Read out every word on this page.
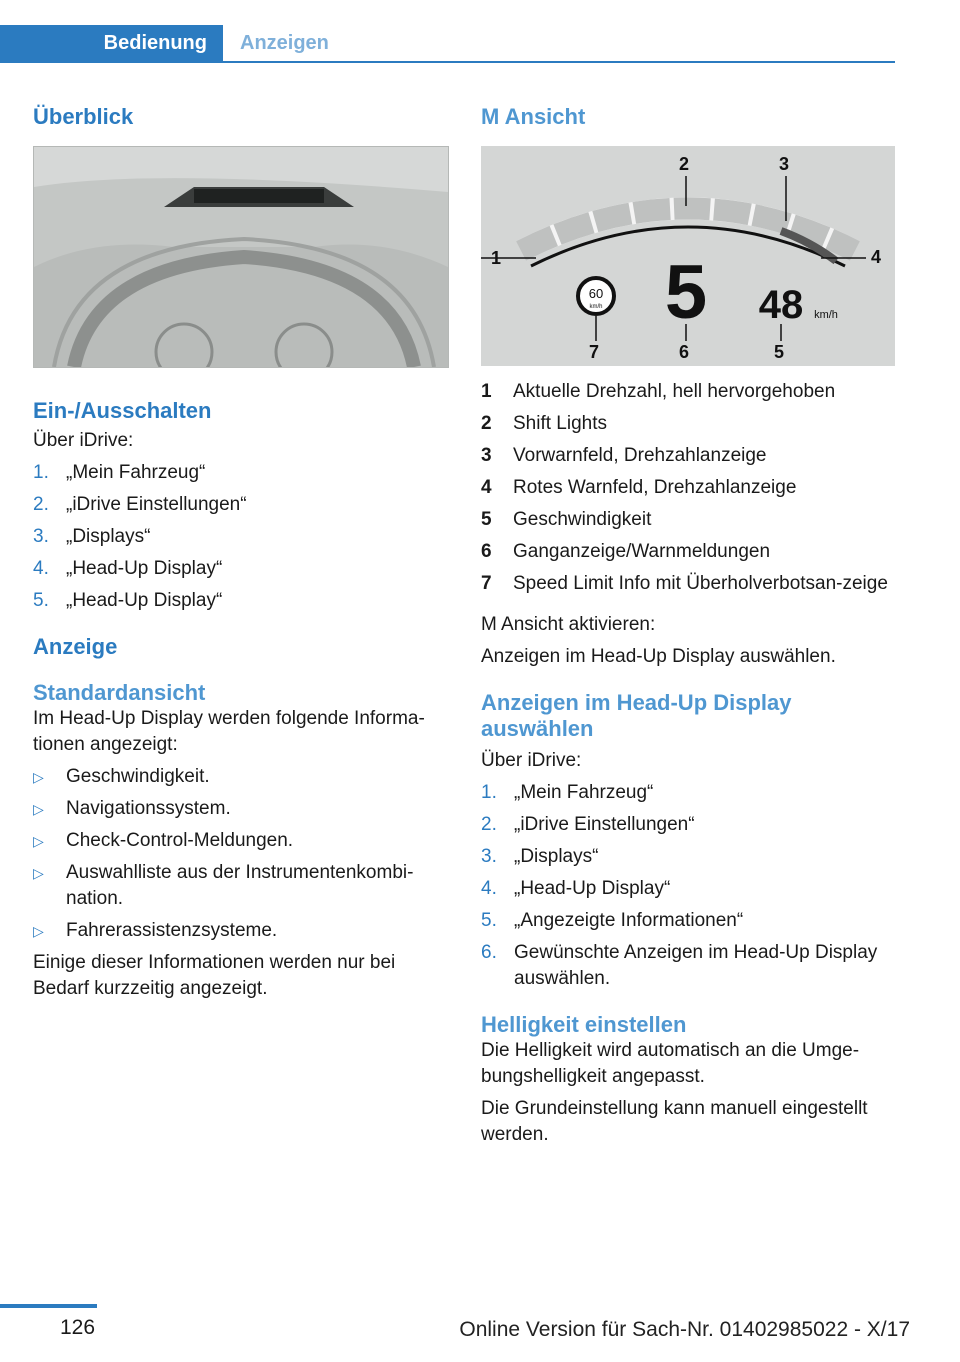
Bedienung Anzeigen
Überblick
Ein-/Ausschalten

Über iDrive:

1. „Mein Fahrzeug“
2. „iDrive Einstellungen“
3. „Displays“
4. „Head-Up Display“
5. „Head-Up Display“
Anzeige
Standardansicht

Im Head-Up Display werden folgende Informa-tionen angezeigt:

▷ Geschwindigkeit.
▷ Navigationssystem.
▷ Check-Control-Meldungen.
▷ Auswahlliste aus der Instrumentenkombi-nation.
▷ Fahrerassistenzsysteme.

Einige dieser Informationen werden nur bei Bedarf kurzzeitig angezeigt.

M Ansicht
1
2	3
4
60
km/h 5 48 km/h
5
6
7
1	Aktuelle Drehzahl, hell hervorgehoben
2	Shift Lights
3	Vorwarnfeld, Drehzahlanzeige
4	Rotes Warnfeld, Drehzahlanzeige
5	Geschwindigkeit
6	Ganganzeige/Warnmeldungen
7	Speed Limit Info mit Überholverbotsan-zeige

M Ansicht aktivieren:

Anzeigen im Head-Up Display auswählen.

Anzeigen im Head-Up Display auswählen

Über iDrive:

1. „Mein Fahrzeug“
2. „iDrive Einstellungen“
3. „Displays“
4. „Head-Up Display“
5. „Angezeigte Informationen“
6. Gewünschte Anzeigen im Head-Up Display auswählen.
Helligkeit einstellen

Die Helligkeit wird automatisch an die Umge-bungshelligkeit angepasst.

Die Grundeinstellung kann manuell eingestellt werden.

126	Online Version für Sach-Nr. 01402985022 - X/17
